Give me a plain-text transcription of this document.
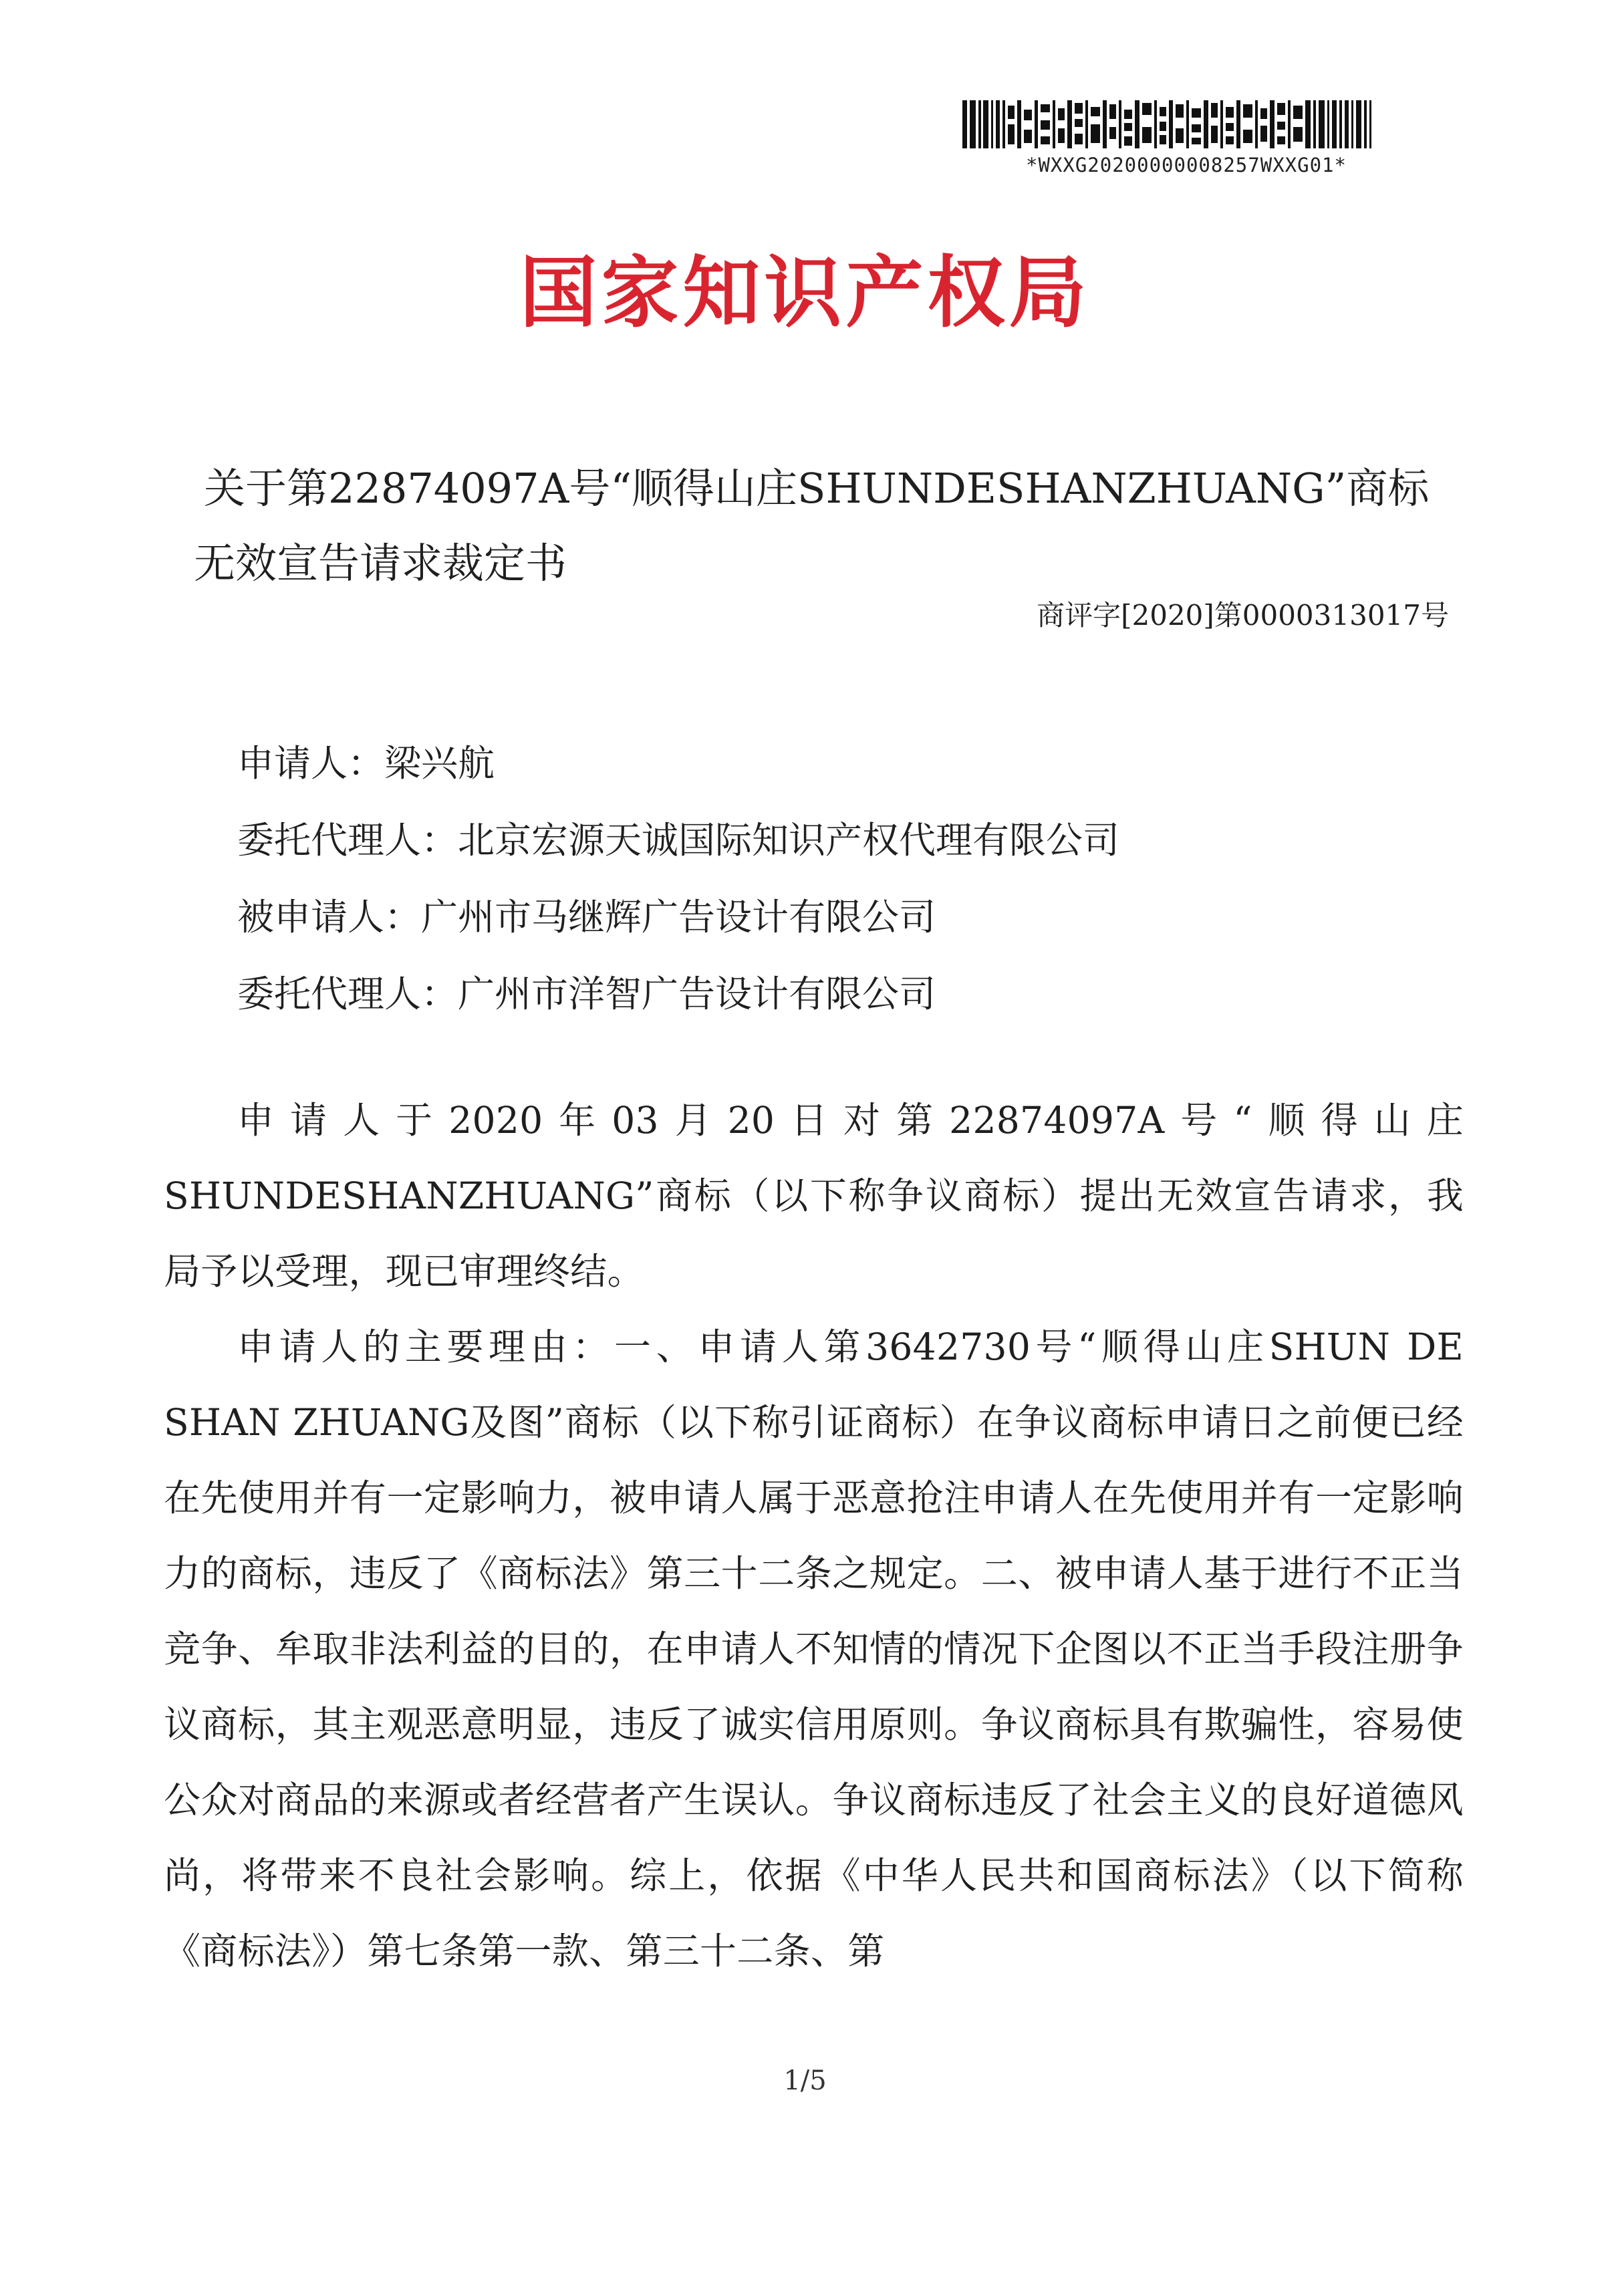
*WXXG20200000008257WXXG01*
国家知识产权局
关于第22874097A号“顺得山庄SHUNDESHANZHUANG”商标无效宣告请求裁定书
商评字[2020]第0000313017号
申请人：梁兴航
委托代理人：北京宏源天诚国际知识产权代理有限公司
被申请人：广州市马继辉广告设计有限公司
委托代理人：广州市洋智广告设计有限公司

申请人于2020年03月20日对第22874097A号“顺得山庄SHUNDESHANZHUANG”商标（以下称争议商标）提出无效宣告请求，我局予以受理，现已审理终结。

申请人的主要理由：一、申请人第3642730号“顺得山庄SHUN DE SHAN ZHUANG及图”商标（以下称引证商标）在争议商标申请日之前便已经在先使用并有一定影响力，被申请人属于恶意抢注申请人在先使用并有一定影响力的商标，违反了《商标法》第三十二条之规定。二、被申请人基于进行不正当竞争、牟取非法利益的目的，在申请人不知情的情况下企图以不正当手段注册争议商标，其主观恶意明显，违反了诚实信用原则。争议商标具有欺骗性，容易使公众对商品的来源或者经营者产生误认。争议商标违反了社会主义的良好道德风尚，将带来不良社会影响。综上，依据《中华人民共和国商标法》（以下简称《商标法》）第七条第一款、第三十二条、第

1/5
